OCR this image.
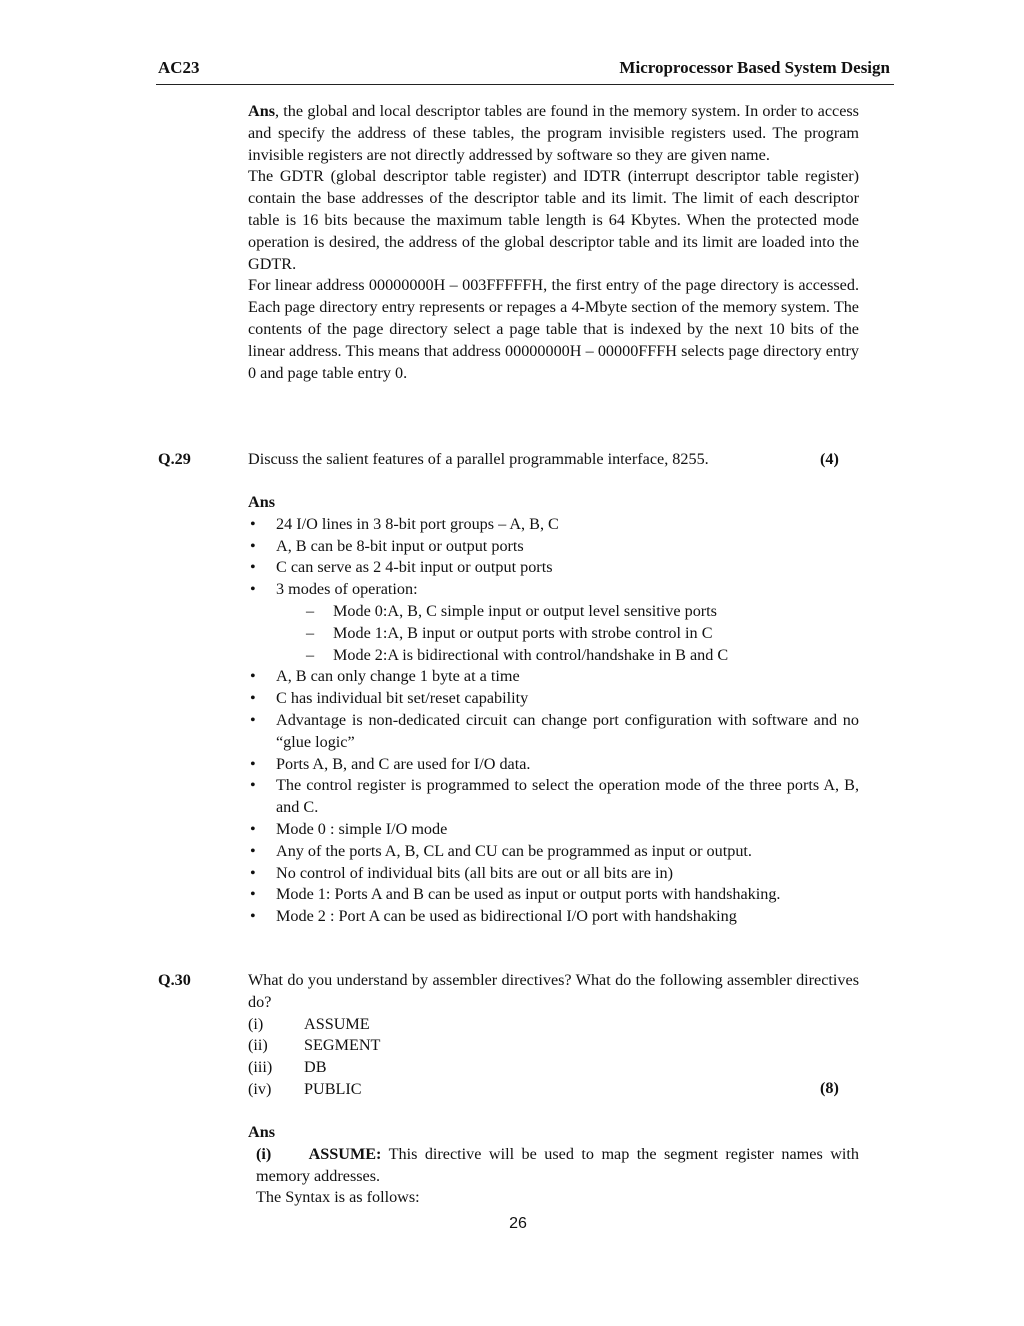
AC23	Microprocessor Based System Design
Ans, the global and local descriptor tables are found in the memory system. In order to access and specify the address of these tables, the program invisible registers used. The program invisible registers are not directly addressed by software so they are given name.
The GDTR (global descriptor table register) and IDTR (interrupt descriptor table register) contain the base addresses of the descriptor table and its limit. The limit of each descriptor table is 16 bits because the maximum table length is 64 Kbytes. When the protected mode operation is desired, the address of the global descriptor table and its limit are loaded into the GDTR.
For linear address 00000000H – 003FFFFFH, the first entry of the page directory is accessed. Each page directory entry represents or repages a 4-Mbyte section of the memory system. The contents of the page directory select a page table that is indexed by the next 10 bits of the linear address. This means that address 00000000H – 00000FFFH selects page directory entry 0 and page table entry 0.
Q.29	Discuss the salient features of a parallel programmable interface, 8255.	(4)
Ans
• 24 I/O lines in 3 8-bit port groups – A, B, C
• A, B can be 8-bit input or output ports
• C can serve as 2 4-bit input or output ports
• 3 modes of operation:
– Mode 0:A, B, C simple input or output level sensitive ports
– Mode 1:A, B input or output ports with strobe control in C
– Mode 2:A is bidirectional with control/handshake in B and C
• A, B can only change 1 byte at a time
• C has individual bit set/reset capability
• Advantage is non-dedicated circuit can change port configuration with software and no “glue logic”
• Ports A, B, and C are used for I/O data.
• The control register is programmed to select the operation mode of the three ports A, B, and C.
• Mode 0 : simple I/O mode
• Any of the ports A, B, CL and CU can be programmed as input or output.
• No control of individual bits (all bits are out or all bits are in)
• Mode 1: Ports A and B can be used as input or output ports with handshaking.
• Mode 2 : Port A can be used as bidirectional I/O port with handshaking
Q.30	What do you understand by assembler directives? What do the following assembler directives do?
(i)	ASSUME
(ii)	SEGMENT
(iii)	DB
(iv)	PUBLIC	(8)
Ans
(i) ASSUME: This directive will be used to map the segment register names with memory addresses.
The Syntax is as follows:
26
